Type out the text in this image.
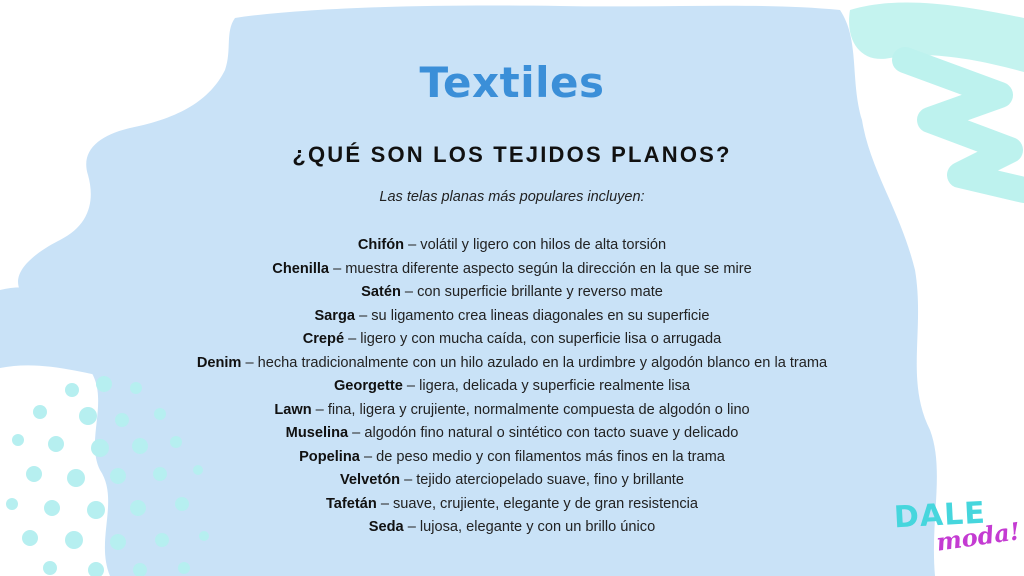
Textiles
¿QUÉ SON LOS TEJIDOS PLANOS?
Las telas planas más populares incluyen:
Chifón – volátil y ligero con hilos de alta torsión
Chenilla – muestra diferente aspecto según la dirección en la que se mire
Satén – con superficie brillante y reverso mate
Sarga – su ligamento crea lineas diagonales en su superficie
Crepé – ligero y con mucha caída, con superficie lisa o arrugada
Denim – hecha tradicionalmente con un hilo azulado en la urdimbre y algodón blanco en la trama
Georgette – ligera, delicada y superficie realmente lisa
Lawn – fina, ligera y crujiente, normalmente compuesta de algodón o lino
Muselina – algodón fino natural o sintético con tacto suave y delicado
Popelina – de peso medio y con filamentos más finos en la trama
Velvetón – tejido aterciopelado suave, fino y brillante
Tafetán – suave, crujiente, elegante y de gran resistencia
Seda – lujosa, elegante y con un brillo único	DALE
moda!
